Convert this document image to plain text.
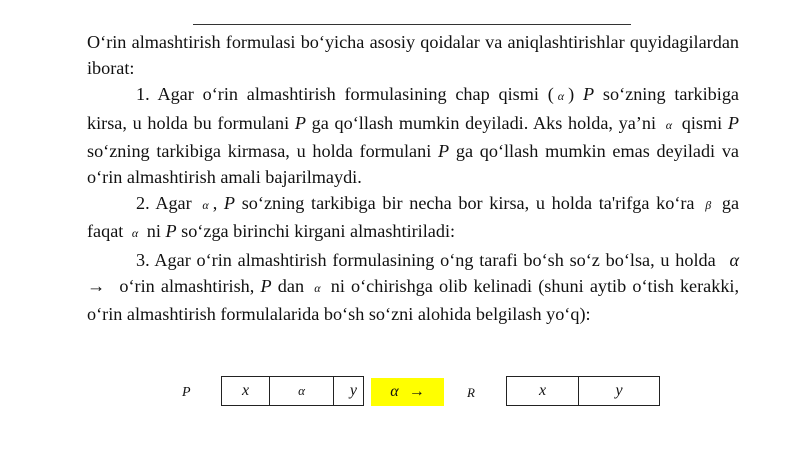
O‘rin almashtirish formulasi bo‘yicha asosiy qoidalar va aniqlashtirishlar quyidagilardan iborat:

1. Agar o‘rin almashtirish formulasining chap qismi ( α ) P so‘zning tarkibiga kirsa, u holda bu formulani P ga qo‘llash mumkin deyiladi. Aks holda, ya’ni α qismi P so‘zning tarkibiga kirmasa, u holda formulani P ga qo‘llash mumkin emas deyiladi va o‘rin almashtirish amali bajarilmaydi.

2. Agar α , P so‘zning tarkibiga bir necha bor kirsa, u holda ta'rifga ko‘ra β ga faqat α ni P so‘zga birinchi kirgani almashtiriladi:

3. Agar o‘rin almashtirish formulasining o‘ng tarafi bo‘sh so‘z bo‘lsa, u holda α → o‘rin almashtirish, P dan α ni o‘chirishga olib kelinadi (shuni aytib o‘tish kerakki, o‘rin almashtirish formulalarida bo‘sh so‘zni alohida belgilash yo‘q):

P	x	α	y α →	R	x	y
